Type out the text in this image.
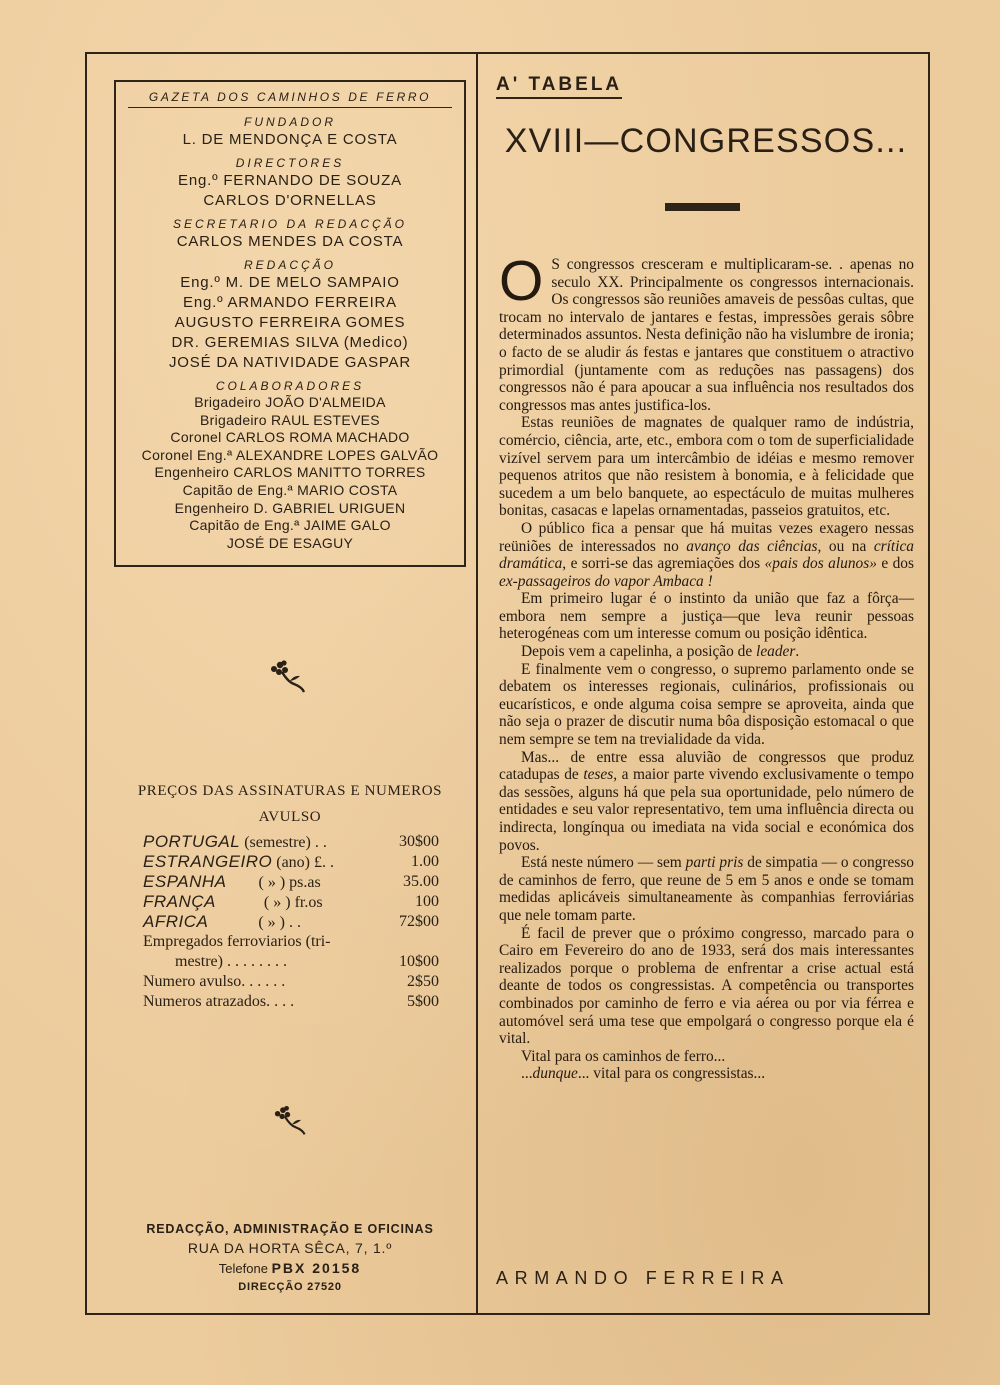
GAZETA DOS CAMINHOS DE FERRO
FUNDADOR
L. DE MENDONÇA E COSTA
DIRECTORES
Eng.º FERNANDO DE SOUZA
CARLOS D'ORNELLAS
SECRETARIO DA REDACÇÃO
CARLOS MENDES DA COSTA
REDACÇÃO
Eng.º M. DE MELO SAMPAIO
Eng.º ARMANDO FERREIRA
AUGUSTO FERREIRA GOMES
DR. GEREMIAS SILVA (Medico)
JOSÉ DA NATIVIDADE GASPAR
COLABORADORES
Brigadeiro JOÃO D'ALMEIDA
Brigadeiro RAUL ESTEVES
Coronel CARLOS ROMA MACHADO
Coronel Eng.ª ALEXANDRE LOPES GALVÃO
Engenheiro CARLOS MANITTO TORRES
Capitão de Eng.ª MARIO COSTA
Engenheiro D. GABRIEL URIGUEN
Capitão de Eng.ª JAIME GALO
JOSÉ DE ESAGUY
PREÇOS DAS ASSINATURAS E NUMEROS
AVULSO
PORTUGAL (semestre) . .	30$00
ESTRANGEIRO (ano) £. .	1.00
ESPANHA ( » ) ps.as	35.00
FRANÇA	( » ) fr.os	100
AFRICA	( » ) . .	72$00
Empregados ferroviarios (tri-
mestre) . . . . . . . .	10$00
Numero avulso. . . . . .	2$50
Numeros atrazados. . . .	5$00
REDACÇÃO, ADMINISTRAÇÃO E OFICINAS
RUA DA HORTA SÊCA, 7, 1.º
Telefone PBX 20158
DIRECÇÃO 27520
A' TABELA
XVIII—CONGRESSOS...

O S congressos cresceram e multiplicaram-se. . apenas no seculo XX. Principalmente os congressos internacionais. Os congressos são reuniões amaveis de pessôas cultas, que trocam no intervalo de jantares e festas, impressões gerais sôbre determinados assuntos. Nesta definição não ha vislumbre de ironia; o facto de se aludir ás festas e jantares que constituem o atractivo primordial (juntamente com as reduções nas passagens) dos congressos não é para apoucar a sua influência nos resultados dos congressos mas antes justifica-los.

Estas reuniões de magnates de qualquer ramo de indústria, comércio, ciência, arte, etc., embora com o tom de superficialidade vizível servem para um intercâmbio de idéias e mesmo remover pequenos atritos que não resistem à bonomia, e à felicidade que sucedem a um belo banquete, ao espectáculo de muitas mulheres bonitas, casacas e lapelas ornamentadas, passeios gratuitos, etc.

O público fica a pensar que há muitas vezes exagero nessas reüniões de interessados no avanço das ciências, ou na crítica dramática, e sorri-se das agremiações dos «pais dos alunos» e dos ex-passageiros do vapor Ambaca !

Em primeiro lugar é o instinto da união que faz a fôrça—embora nem sempre a justiça—que leva reunir pessoas heterogéneas com um interesse comum ou posição idêntica.

Depois vem a capelinha, a posição de leader.

E finalmente vem o congresso, o supremo parlamento onde se debatem os interesses regionais, culinários, profissionais ou eucarísticos, e onde alguma coisa sempre se aproveita, ainda que não seja o prazer de discutir numa bôa disposição estomacal o que nem sempre se tem na trevialidade da vida.

Mas... de entre essa aluvião de congressos que produz catadupas de teses, a maior parte vivendo exclusivamente o tempo das sessões, alguns há que pela sua oportunidade, pelo número de entidades e seu valor representativo, tem uma influência directa ou indirecta, longínqua ou imediata na vida social e económica dos povos.

Está neste número — sem parti pris de simpatia — o congresso de caminhos de ferro, que reune de 5 em 5 anos e onde se tomam medidas aplicáveis simultaneamente às companhias ferroviárias que nele tomam parte.

É facil de prever que o próximo congresso, marcado para o Cairo em Fevereiro do ano de 1933, será dos mais interessantes realizados porque o problema de enfrentar a crise actual está deante de todos os congressistas. A competência ou transportes combinados por caminho de ferro e via aérea ou por via férrea e automóvel será uma tese que empolgará o congresso porque ela é vital.

Vital para os caminhos de ferro...

...dunque... vital para os congressistas...

ARMANDO FERREIRA
